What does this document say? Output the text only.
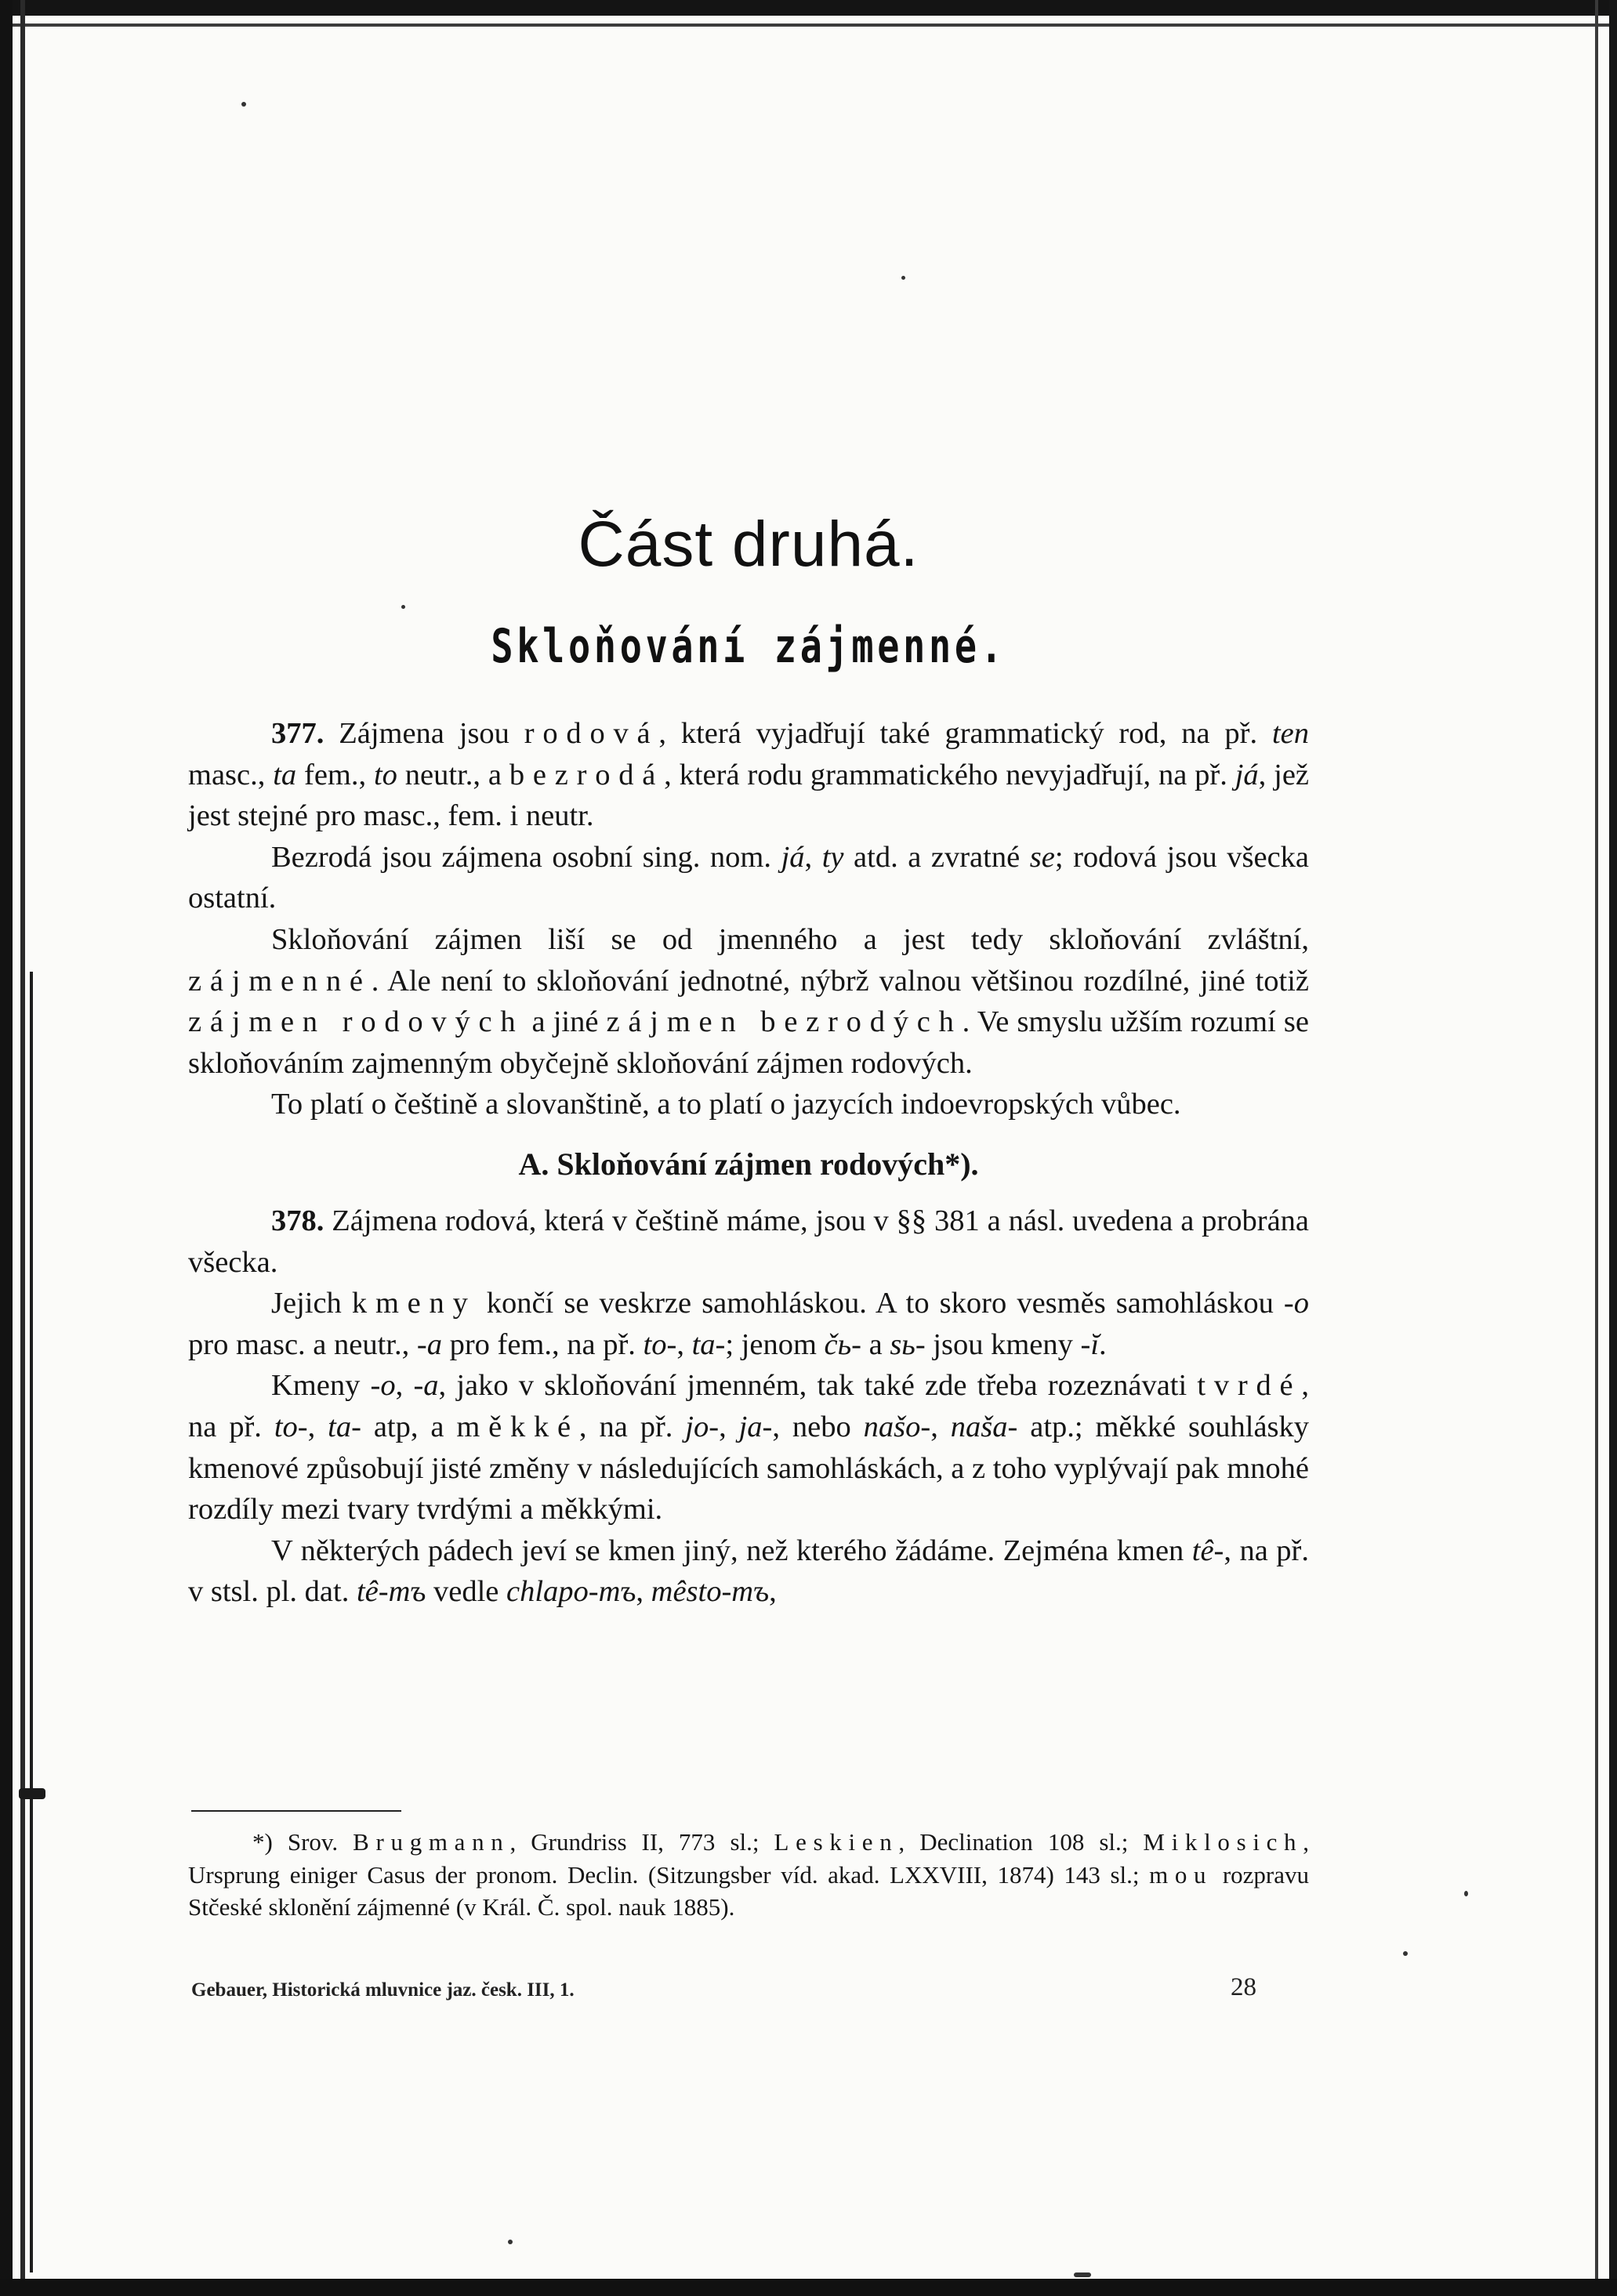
Část druhá.
Skloňování zájmenné.

377. Zájmena jsou rodová, která vyjadřují také grammatický rod, na př. ten masc., ta fem., to neutr., a bezrodá, která rodu grammatického nevyjadřují, na př. já, jež jest stejné pro masc., fem. i neutr.

Bezrodá jsou zájmena osobní sing. nom. já, ty atd. a zvratné se; rodová jsou všecka ostatní.

Skloňování zájmen liší se od jmenného a jest tedy skloňování zvláštní, zájmenné. Ale není to skloňování jednotné, nýbrž valnou většinou rozdílné, jiné totiž zájmen rodových a jiné zájmen bezrodých. Ve smyslu užším rozumí se skloňováním zajmenným obyčejně skloňování zájmen rodových.

To platí o češtině a slovanštině, a to platí o jazycích indoevropských vůbec.

A. Skloňování zájmen rodových*).

378. Zájmena rodová, která v češtině máme, jsou v §§ 381 a násl. uvedena a probrána všecka.

Jejich kmeny končí se veskrze samohláskou. A to skoro vesměs samohláskou -o pro masc. a neutr., -a pro fem., na př. to-, ta-; jenom čь- a sь- jsou kmeny -ĭ.

Kmeny -o, -a, jako v skloňování jmenném, tak také zde třeba rozeznávati tvrdé, na př. to-, ta- atp, a měkké, na př. jo-, ja-, nebo našo-, naša- atp.; měkké souhlásky kmenové způsobují jisté změny v následujících samohláskách, a z toho vyplývají pak mnohé rozdíly mezi tvary tvrdými a měkkými.

V některých pádech jeví se kmen jiný, než kterého žádáme. Zejména kmen tê-, na př. v stsl. pl. dat. tê-mъ vedle chlapo-mъ, mêsto-mъ,

*) Srov. Brugmann, Grundriss II, 773 sl.; Leskien, Declination 108 sl.; Miklosich, Ursprung einiger Casus der pronom. Declin. (Sitzungsber víd. akad. LXXVIII, 1874) 143 sl.; mou rozpravu Stčeské sklonění zájmenné (v Král. Č. spol. nauk 1885).

Gebauer, Historická mluvnice jaz. česk. III, 1.	28
